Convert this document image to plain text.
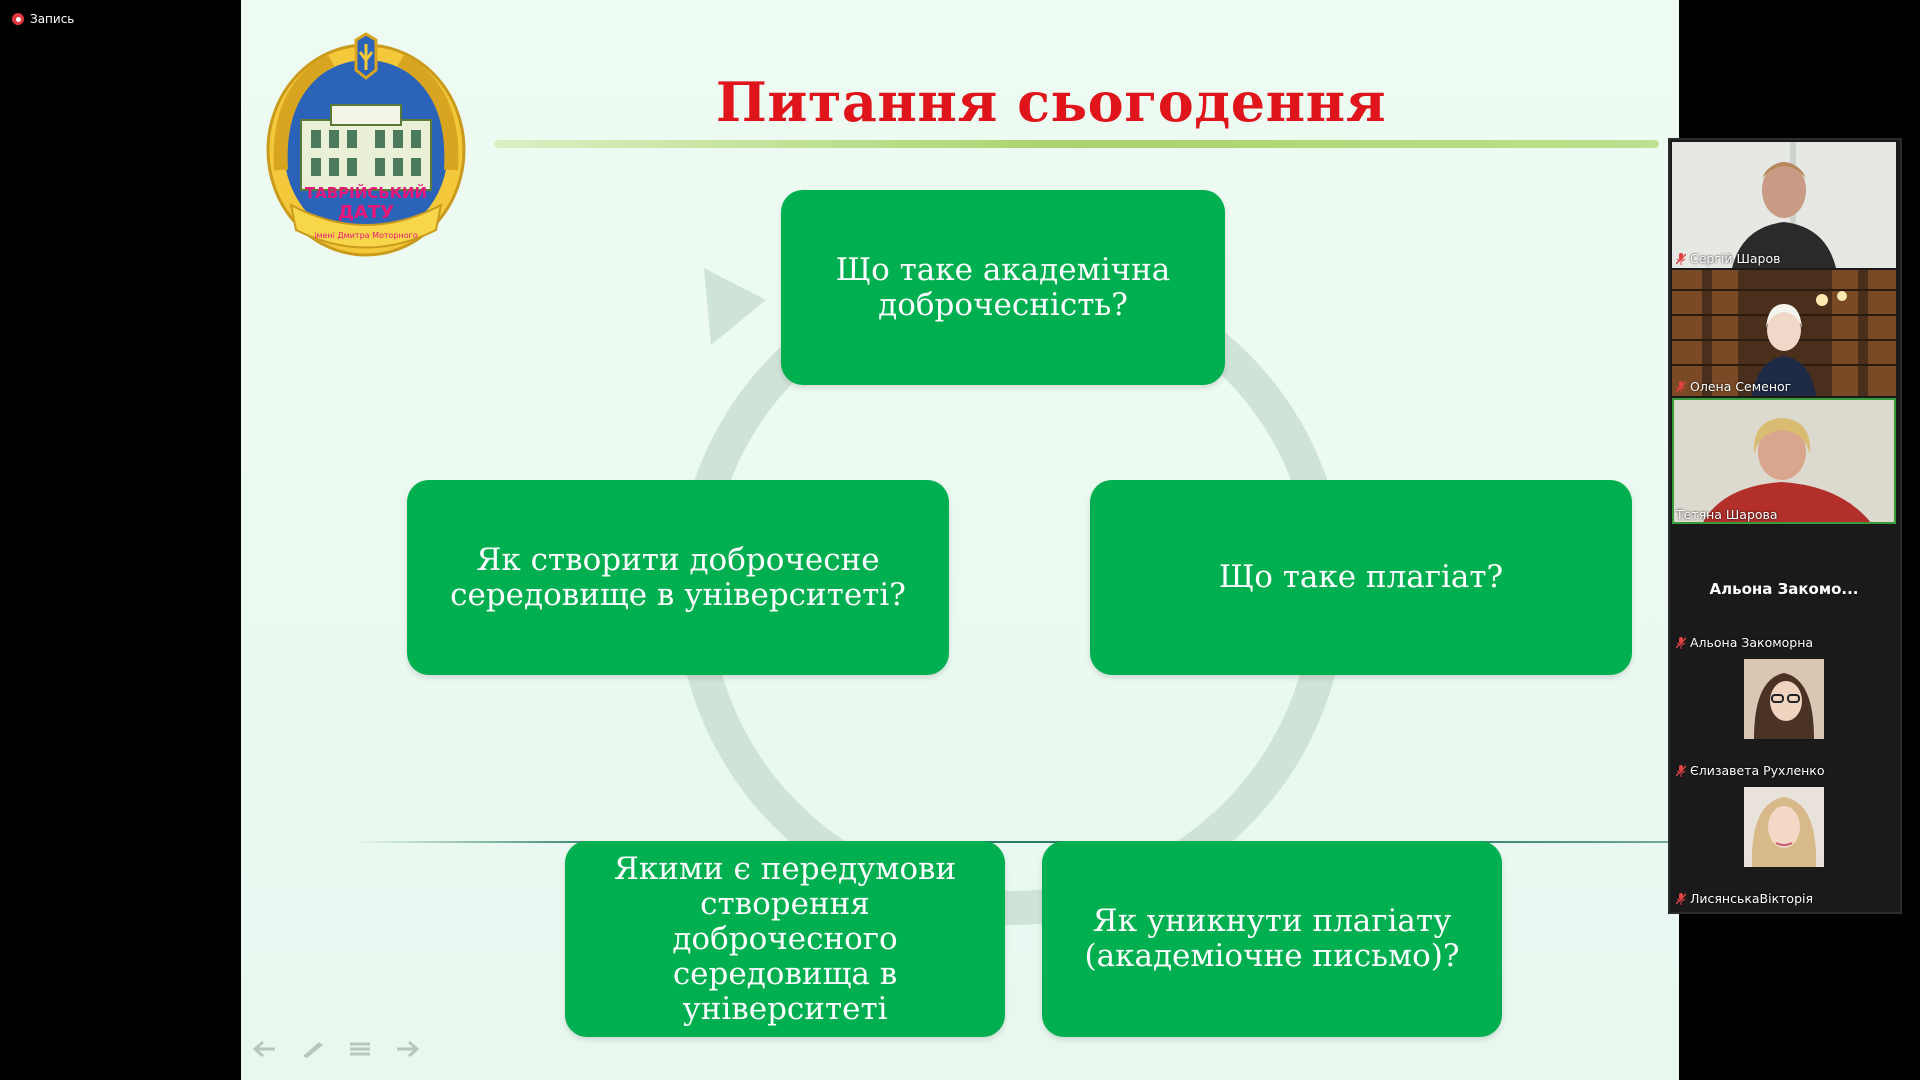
Запись
ТАВРІЙСЬКИЙ
ДАТУ
імені Дмитра Моторного
Питання сьогодення
Що таке академічна доброчесність?
Що таке плагіат?
Як уникнути плагіату (академіочне письмо)?
Якими є передумови створення доброчесного середовища в університеті
Як створити доброчесне середовище в університеті?
Сергій Шаров
Олена Семеног
Тетяна Шарова
Альона Закомо...
Альона Закоморна
Єлизавета Рухленко
ЛисянськаВікторія
